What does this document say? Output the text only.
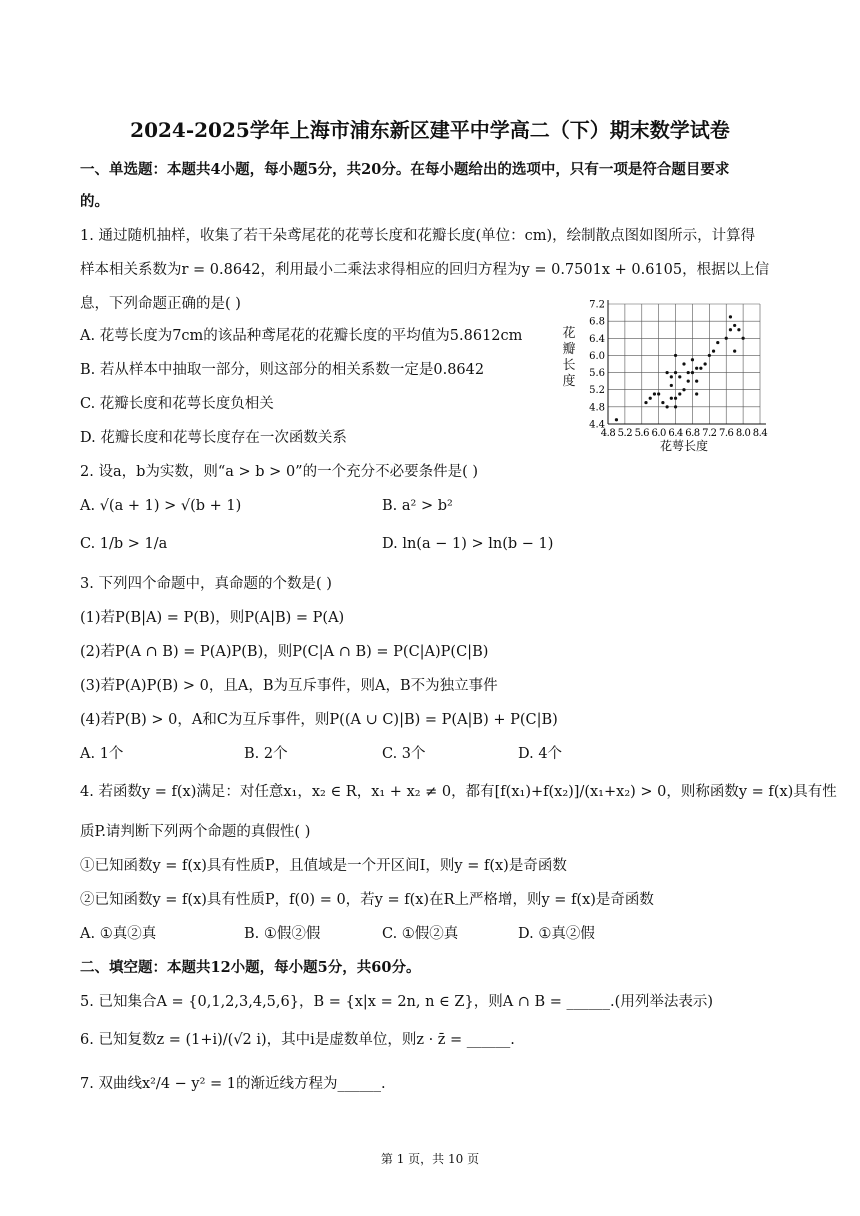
2024-2025学年上海市浦东新区建平中学高二（下）期末数学试卷
一、单选题：本题共4小题，每小题5分，共20分。在每小题给出的选项中，只有一项是符合题目要求
的。
1. 通过随机抽样，收集了若干朵鸢尾花的花萼长度和花瓣长度(单位：cm)，绘制散点图如图所示，计算得
样本相关系数为r = 0.8642，利用最小二乘法求得相应的回归方程为y = 0.7501x + 0.6105，根据以上信
息，下列命题正确的是( )
A. 花萼长度为7cm的该品种鸢尾花的花瓣长度的平均值为5.8612cm
B. 若从样本中抽取一部分，则这部分的相关系数一定是0.8642
C. 花瓣长度和花萼长度负相关
D. 花瓣长度和花萼长度存在一次函数关系
花瓣长度
4.8 5.2 5.6 6.0 6.4 6.8 7.2 7.6 8.0 8.4
4.4
4.8
5.2
5.6
6.0
6.4
6.8
7.2
花萼长度
2. 设a，b为实数，则“a > b > 0”的一个充分不必要条件是( )
A. √(a + 1) > √(b + 1)	B. a² > b²
C. 1/b > 1/a	D. ln(a − 1) > ln(b − 1)
3. 下列四个命题中，真命题的个数是( )
(1)若P(B|A) = P(B)，则P(A|B) = P(A)
(2)若P(A ∩ B) = P(A)P(B)，则P(C|A ∩ B) = P(C|A)P(C|B)
(3)若P(A)P(B) > 0，且A，B为互斥事件，则A，B不为独立事件
(4)若P(B) > 0，A和C为互斥事件，则P((A ∪ C)|B) = P(A|B) + P(C|B)
A. 1个	B. 2个	C. 3个	D. 4个
4. 若函数y = f(x)满足：对任意x₁，x₂ ∈ R，x₁ + x₂ ≠ 0，都有[f(x₁)+f(x₂)]/(x₁+x₂) > 0，则称函数y = f(x)具有性
质P.请判断下列两个命题的真假性( )
①已知函数y = f(x)具有性质P，且值域是一个开区间Ⅰ，则y = f(x)是奇函数
②已知函数y = f(x)具有性质P，f(0) = 0，若y = f(x)在R上严格增，则y = f(x)是奇函数
A. ①真②真	B. ①假②假	C. ①假②真	D. ①真②假
二、填空题：本题共12小题，每小题5分，共60分。
5. 已知集合A = {0,1,2,3,4,5,6}，B = {x|x = 2n, n ∈ Z}，则A ∩ B = ______.(用列举法表示)
6. 已知复数z = (1+i)/(√2 i)，其中i是虚数单位，则z · z̄ = ______.
7. 双曲线x²/4 − y² = 1的渐近线方程为______.
第 1 页，共 10 页
